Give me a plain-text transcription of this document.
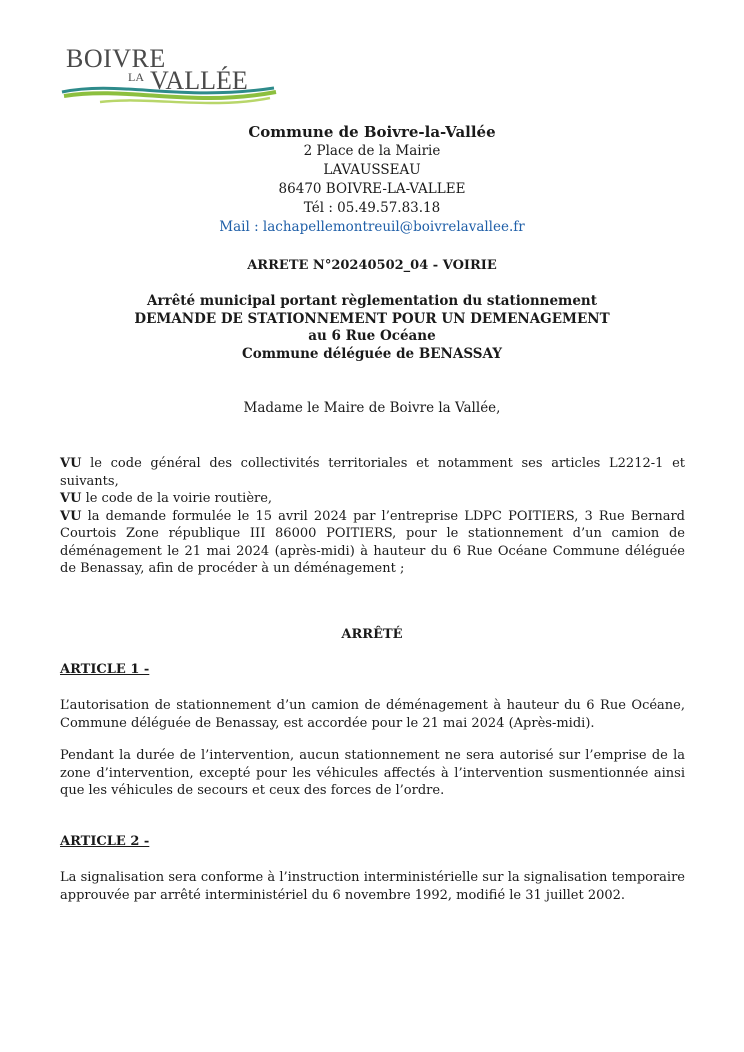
BOIVRE
LA VALLÉE
Commune de Boivre-la-Vallée
2 Place de la Mairie
LAVAUSSEAU
86470 BOIVRE-LA-VALLEE
Tél : 05.49.57.83.18
Mail : lachapellemontreuil@boivrelavallee.fr
ARRETE N°20240502_04 - VOIRIE
Arrêté municipal portant règlementation du stationnement
DEMANDE DE STATIONNEMENT POUR UN DEMENAGEMENT
au 6 Rue Océane
Commune déléguée de BENASSAY
Madame le Maire de Boivre la Vallée,
VU le code général des collectivités territoriales et notamment ses articles L2212-1 et suivants,
VU le code de la voirie routière,
VU la demande formulée le 15 avril 2024 par l’entreprise LDPC POITIERS, 3 Rue Bernard Courtois Zone république III 86000 POITIERS, pour le stationnement d’un camion de déménagement le 21 mai 2024 (après-midi) à hauteur du 6 Rue Océane Commune déléguée de Benassay, afin de procéder à un déménagement ;
ARRÊTÉ
ARTICLE 1 -
L’autorisation de stationnement d’un camion de déménagement à hauteur du 6 Rue Océane, Commune déléguée de Benassay, est accordée pour le 21 mai 2024 (Après-midi).
Pendant la durée de l’intervention, aucun stationnement ne sera autorisé sur l’emprise de la zone d’intervention, excepté pour les véhicules affectés à l’intervention susmentionnée ainsi que les véhicules de secours et ceux des forces de l’ordre.
ARTICLE 2 -
La signalisation sera conforme à l’instruction interministérielle sur la signalisation temporaire approuvée par arrêté interministériel du 6 novembre 1992, modifié le 31 juillet 2002.
